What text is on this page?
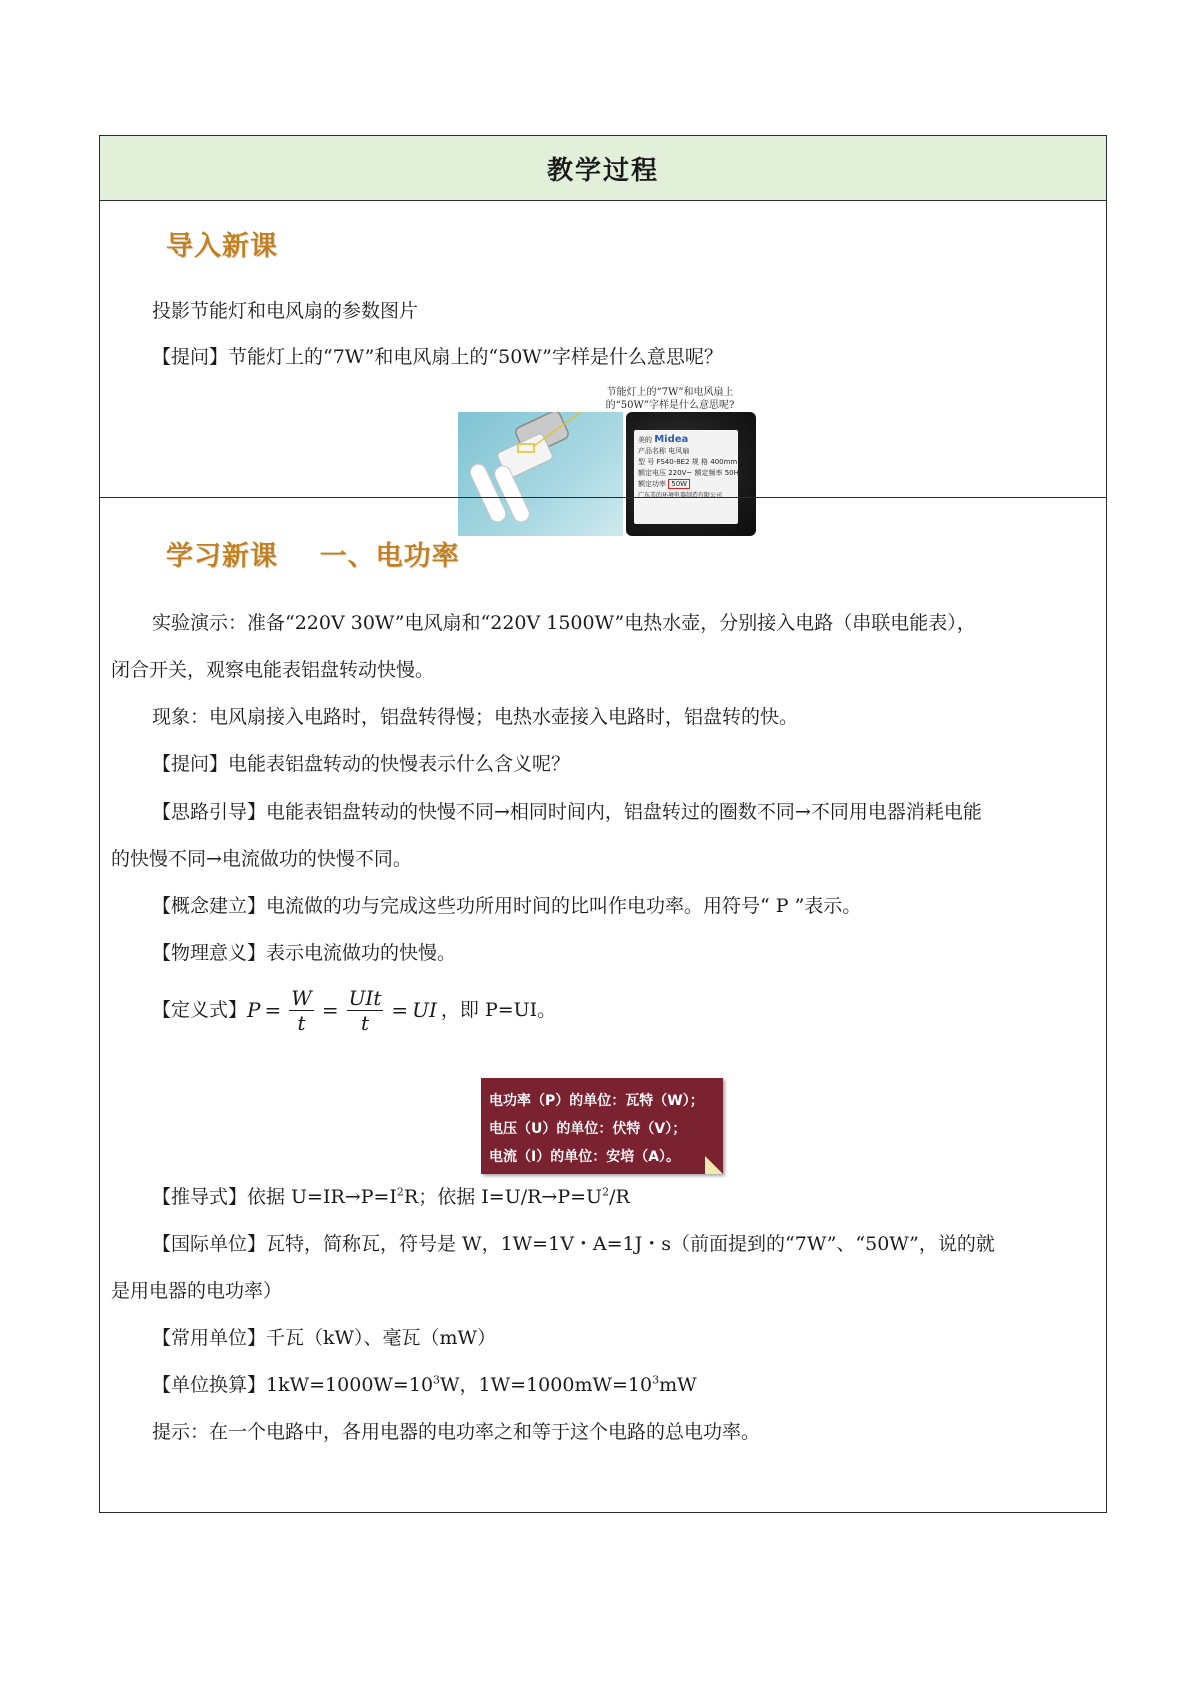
教学过程
导入新课
投影节能灯和电风扇的参数图片
【提问】节能灯上的“7W”和电风扇上的“50W”字样是什么意思呢？
节能灯上的“7W”和电风扇上
的“50W”字样是什么意思呢?
美的 Midea
产品名称 电风扇
型 号 FS40-8E2 规 格 400mm
额定电压 220V~ 额定频率 50Hz
额定功率 50W
广东美的环境电器制造有限公司
学习新课    一、电功率
实验演示：准备“220V 30W”电风扇和“220V 1500W”电热水壶，分别接入电路（串联电能表），
闭合开关，观察电能表铝盘转动快慢。
现象：电风扇接入电路时，铝盘转得慢；电热水壶接入电路时，铝盘转的快。
【提问】电能表铝盘转动的快慢表示什么含义呢？
【思路引导】电能表铝盘转动的快慢不同→相同时间内，铝盘转过的圈数不同→不同用电器消耗电能
的快慢不同→电流做功的快慢不同。
【概念建立】电流做的功与完成这些功所用时间的比叫作电功率。用符号“ P ”表示。
【物理意义】表示电流做功的快慢。
【定义式】 $P = \frac{W}{t} = \frac{\text{UIt}}{t}$ = UI ，即 P=UI。
电功率（P）的单位：瓦特（W）；
电压（U）的单位：伏特（V）；
电流（I）的单位：安培（A）。
【推导式】依据 $U=IR\to P=I^2R$；依据 $I=U/R\to P=U^2/R$
【国际单位】瓦特，简称瓦，符号是 W，1W=1V・A=1J・s（前面提到的“7W”、“50W”，说的就
是用电器的电功率）
【常用单位】千瓦（kW）、毫瓦（mW）
【单位换算】$1kW=1000W=10^3W$，$1W=1000mW=10^3mW$
提示：在一个电路中，各用电器的电功率之和等于这个电路的总电功率。
